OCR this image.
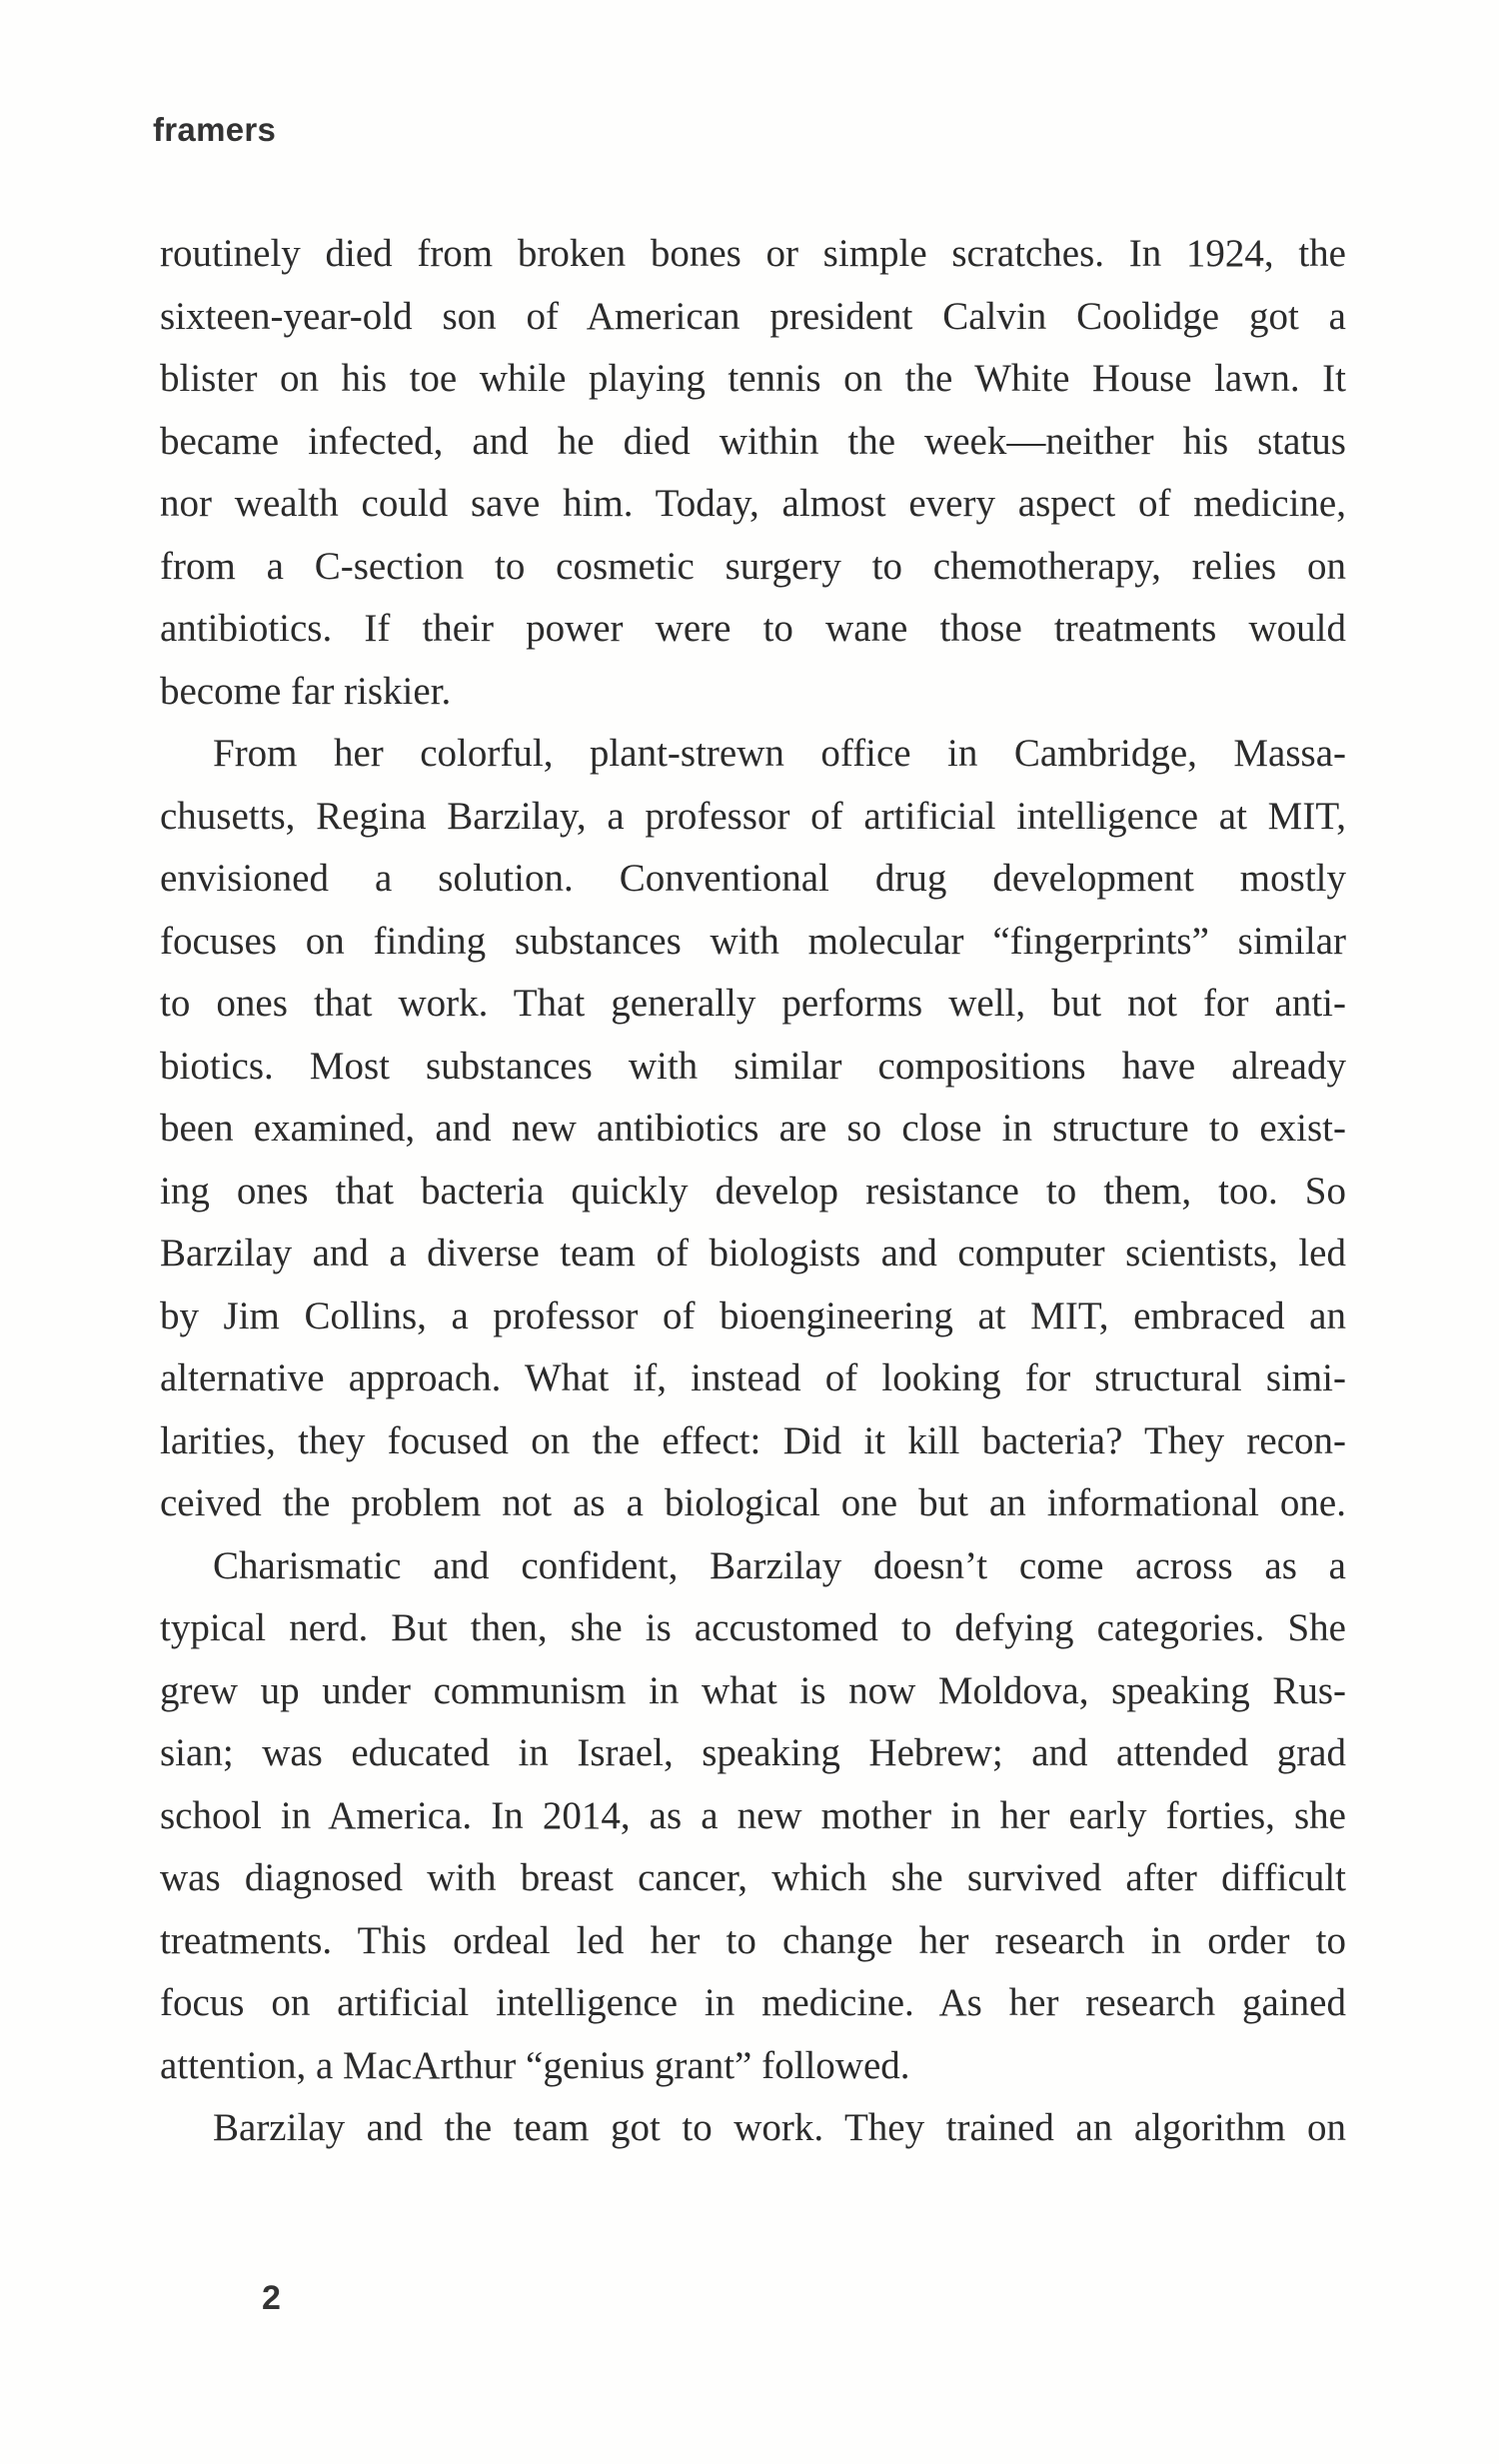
framers
routinely died from broken bones or simple scratches. In 1924, the
sixteen-year-old son of American president Calvin Coolidge got a
blister on his toe while playing tennis on the White House lawn. It
became infected, and he died within the week—neither his status
nor wealth could save him. Today, almost every aspect of medicine,
from a C-section to cosmetic surgery to chemotherapy, relies on
antibiotics. If their power were to wane those treatments would
become far riskier.
From her colorful, plant-strewn office in Cambridge, Massa-
chusetts, Regina Barzilay, a professor of artificial intelligence at MIT,
envisioned a solution. Conventional drug development mostly
focuses on finding substances with molecular “fingerprints” similar
to ones that work. That generally performs well, but not for anti-
biotics. Most substances with similar compositions have already
been examined, and new antibiotics are so close in structure to exist-
ing ones that bacteria quickly develop resistance to them, too. So
Barzilay and a diverse team of biologists and computer scientists, led
by Jim Collins, a professor of bioengineering at MIT, embraced an
alternative approach. What if, instead of looking for structural simi-
larities, they focused on the effect: Did it kill bacteria? They recon-
ceived the problem not as a biological one but an informational one.
Charismatic and confident, Barzilay doesn’t come across as a
typical nerd. But then, she is accustomed to defying categories. She
grew up under communism in what is now Moldova, speaking Rus-
sian; was educated in Israel, speaking Hebrew; and attended grad
school in America. In 2014, as a new mother in her early forties, she
was diagnosed with breast cancer, which she survived after difficult
treatments. This ordeal led her to change her research in order to
focus on artificial intelligence in medicine. As her research gained
attention, a MacArthur “genius grant” followed.
Barzilay and the team got to work. They trained an algorithm on
2
